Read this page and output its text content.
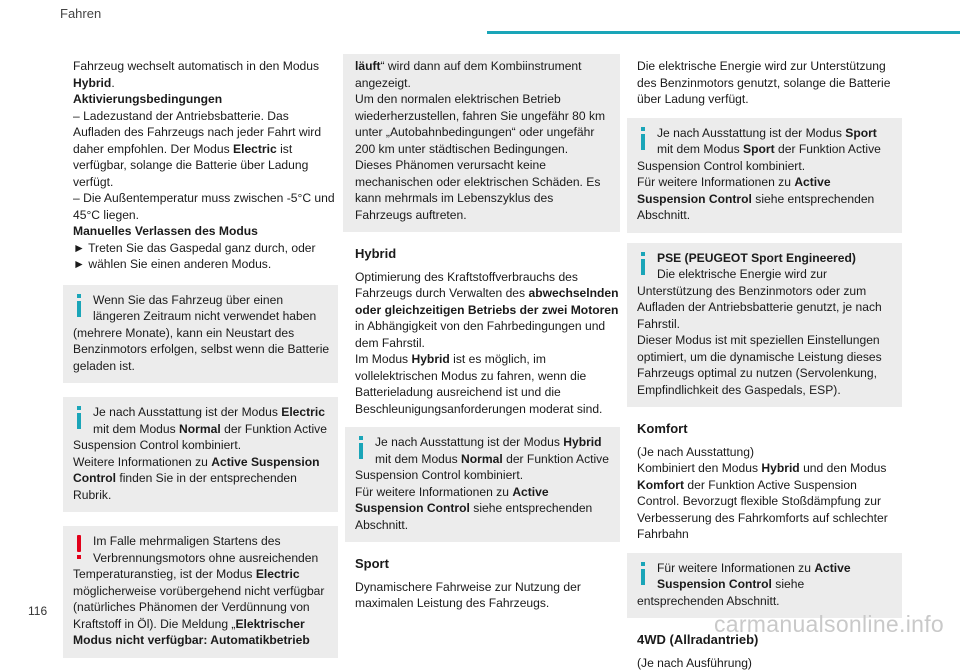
Fahren

Fahrzeug wechselt automatisch in den Modus
Hybrid.

Aktivierungsbedingungen

– Ladezustand der Antriebsbatterie. Das Aufladen des Fahrzeugs nach jeder Fahrt wird daher empfohlen. Der Modus Electric ist verfügbar, solange die Batterie über Ladung verfügt.

– Die Außentemperatur muss zwischen -5°C und 45°C liegen.

Manuelles Verlassen des Modus

► Treten Sie das Gaspedal ganz durch, oder

► wählen Sie einen anderen Modus.

Wenn Sie das Fahrzeug über einen längeren Zeitraum nicht verwendet haben (mehrere Monate), kann ein Neustart des Benzinmotors erfolgen, selbst wenn die Batterie geladen ist.
Je nach Ausstattung ist der Modus Electric mit dem Modus Normal der Funktion Active Suspension Control kombiniert.
Weitere Informationen zu Active Suspension Control finden Sie in der entsprechenden Rubrik.
Im Falle mehrmaligen Startens des Verbrennungsmotors ohne ausreichenden Temperaturanstieg, ist der Modus Electric möglicherweise vorübergehend nicht verfügbar (natürliches Phänomen der Verdünnung von Kraftstoff in Öl). Die Meldung „Elektrischer Modus nicht verfügbar: Automatikbetrieb
läuft“ wird dann auf dem Kombiinstrument angezeigt.
Um den normalen elektrischen Betrieb wiederherzustellen, fahren Sie ungefähr 80 km unter „Autobahnbedingungen“ oder ungefähr 200 km unter städtischen Bedingungen.
Dieses Phänomen verursacht keine mechanischen oder elektrischen Schäden. Es kann mehrmals im Lebenszyklus des Fahrzeugs auftreten.
Hybrid

Optimierung des Kraftstoffverbrauchs des Fahrzeugs durch Verwalten des abwechselnden oder gleichzeitigen Betriebs der zwei Motoren in Abhängigkeit von den Fahrbedingungen und dem Fahrstil.

Im Modus Hybrid ist es möglich, im vollelektrischen Modus zu fahren, wenn die Batterieladung ausreichend ist und die Beschleunigungsanforderungen moderat sind.

Je nach Ausstattung ist der Modus Hybrid mit dem Modus Normal der Funktion Active Suspension Control kombiniert.
Für weitere Informationen zu Active Suspension Control siehe entsprechenden Abschnitt.
Sport

Dynamischere Fahrweise zur Nutzung der maximalen Leistung des Fahrzeugs.

Die elektrische Energie wird zur Unterstützung des Benzinmotors genutzt, solange die Batterie über Ladung verfügt.

Je nach Ausstattung ist der Modus Sport mit dem Modus Sport der Funktion Active Suspension Control kombiniert.
Für weitere Informationen zu Active Suspension Control siehe entsprechenden Abschnitt.
PSE (PEUGEOT Sport Engineered)
Die elektrische Energie wird zur Unterstützung des Benzinmotors oder zum Aufladen der Antriebsbatterie genutzt, je nach Fahrstil.
Dieser Modus ist mit speziellen Einstellungen optimiert, um die dynamische Leistung dieses Fahrzeugs optimal zu nutzen (Servolenkung, Empfindlichkeit des Gaspedals, ESP).
Komfort

(Je nach Ausstattung)

Kombiniert den Modus Hybrid und den Modus Komfort der Funktion Active Suspension Control. Bevorzugt flexible Stoßdämpfung zur Verbesserung des Fahrkomforts auf schlechter Fahrbahn

Für weitere Informationen zu Active Suspension Control siehe entsprechenden Abschnitt.
4WD (Allradantrieb)

(Je nach Ausführung)

116	carmanualsonline.info
